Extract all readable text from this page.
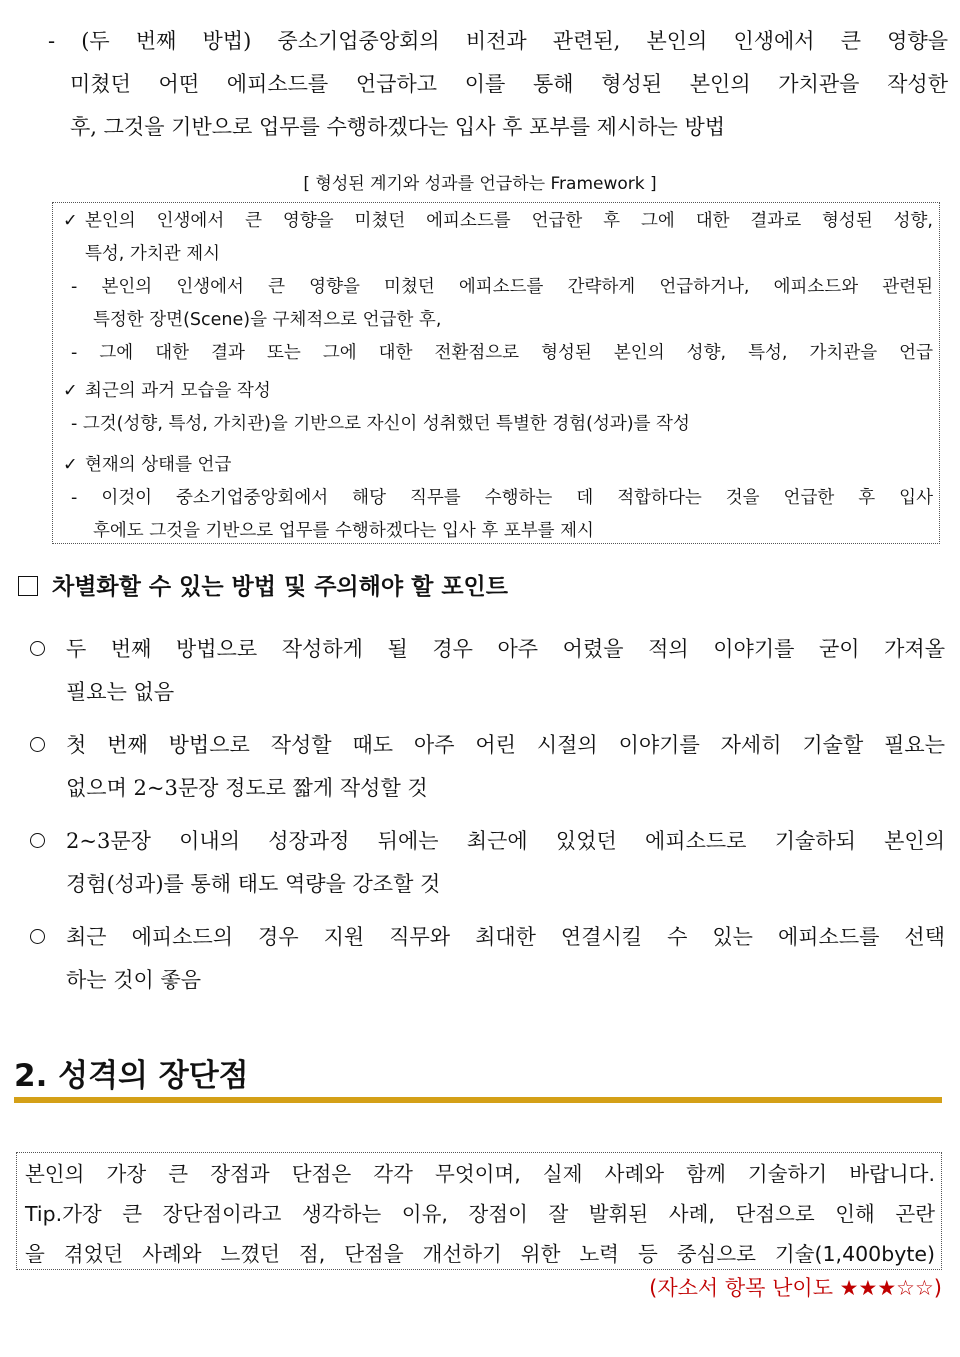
- (두 번째 방법) 중소기업중앙회의 비전과 관련된, 본인의 인생에서 큰 영향을
미쳤던 어떤 에피소드를 언급하고 이를 통해 형성된 본인의 가치관을 작성한
후, 그것을 기반으로 업무를 수행하겠다는 입사 후 포부를 제시하는 방법
[ 형성된 계기와 성과를 언급하는 Framework ]
✓ 본인의 인생에서 큰 영향을 미쳤던 에피소드를 언급한 후 그에 대한 결과로 형성된 성향,
특성, 가치관 제시
- 본인의 인생에서 큰 영향을 미쳤던 에피소드를 간략하게 언급하거나, 에피소드와 관련된
특정한 장면(Scene)을 구체적으로 언급한 후,
- 그에 대한 결과 또는 그에 대한 전환점으로 형성된 본인의 성향, 특성, 가치관을 언급
✓ 최근의 과거 모습을 작성
- 그것(성향, 특성, 가치관)을 기반으로 자신이 성취했던 특별한 경험(성과)를 작성
✓ 현재의 상태를 언급
- 이것이 중소기업중앙회에서 해당 직무를 수행하는 데 적합하다는 것을 언급한 후 입사
후에도 그것을 기반으로 업무를 수행하겠다는 입사 후 포부를 제시
차별화할 수 있는 방법 및 주의해야 할 포인트
두 번째 방법으로 작성하게 될 경우 아주 어렸을 적의 이야기를 굳이 가져올
필요는 없음
첫 번째 방법으로 작성할 때도 아주 어린 시절의 이야기를 자세히 기술할 필요는
없으며 2~3문장 정도로 짧게 작성할 것
2~3문장 이내의 성장과정 뒤에는 최근에 있었던 에피소드로 기술하되 본인의
경험(성과)를 통해 태도 역량을 강조할 것
최근 에피소드의 경우 지원 직무와 최대한 연결시킬 수 있는 에피소드를 선택
하는 것이 좋음
2. 성격의 장단점
본인의 가장 큰 장점과 단점은 각각 무엇이며, 실제 사례와 함께 기술하기 바랍니다.
Tip.가장 큰 장단점이라고 생각하는 이유, 장점이 잘 발휘된 사례, 단점으로 인해 곤란
을 겪었던 사례와 느꼈던 점, 단점을 개선하기 위한 노력 등 중심으로 기술(1,400byte)
(자소서 항목 난이도 ★★★☆☆)
